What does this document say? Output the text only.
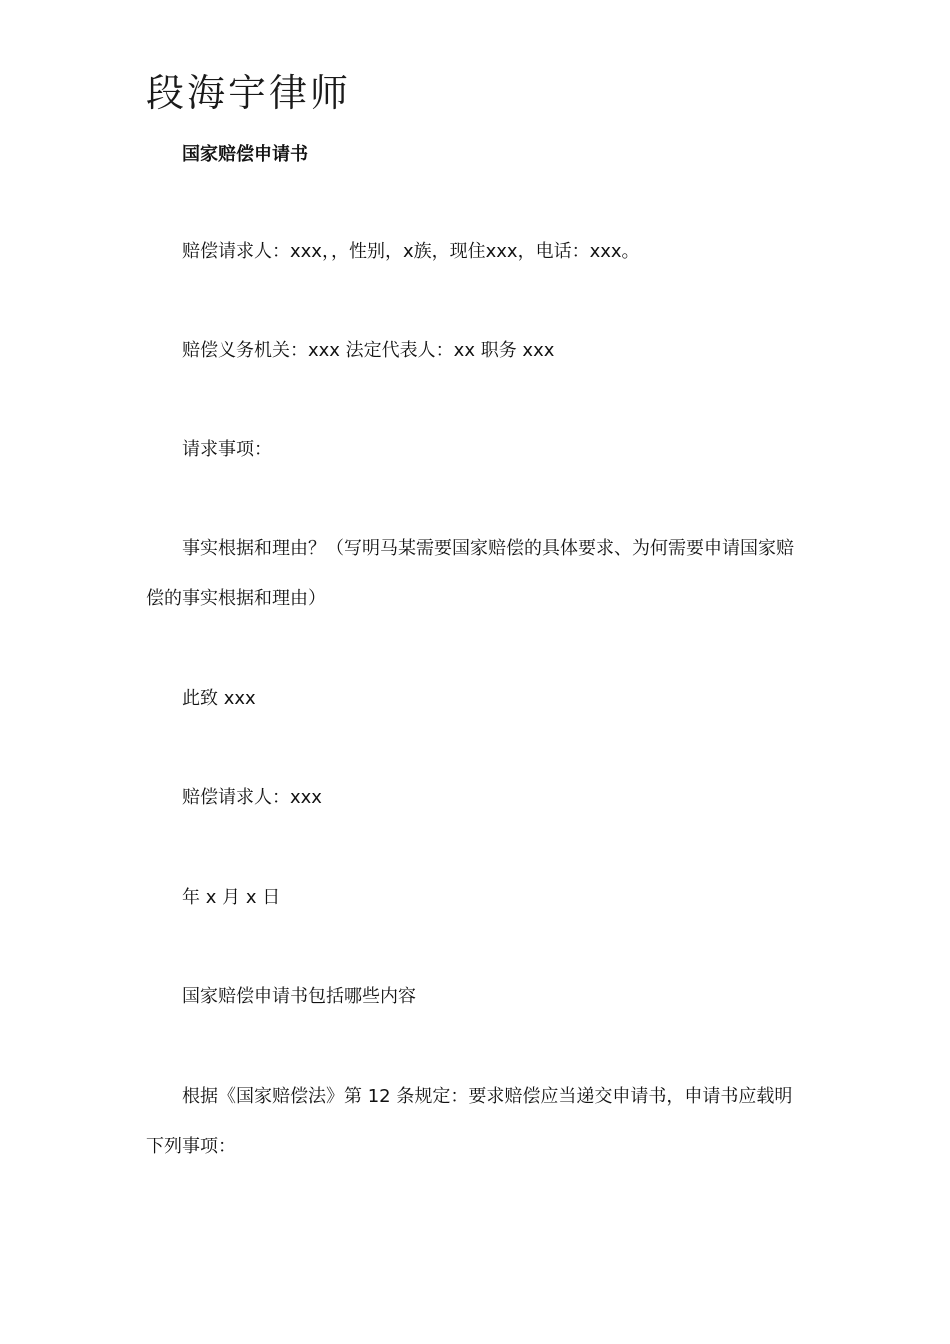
段海宇律师
国家赔偿申请书

赔偿请求人：xxx，，性别，x族，现住xxx，电话：xxx。

赔偿义务机关：xxx 法定代表人：xx 职务 xxx

请求事项：

事实根据和理由？（写明马某需要国家赔偿的具体要求、为何需要申请国家赔偿的事实根据和理由）

此致 xxx

赔偿请求人：xxx

年 x 月 x 日

国家赔偿申请书包括哪些内容

根据《国家赔偿法》第 12 条规定：要求赔偿应当递交申请书，申请书应载明下列事项：
